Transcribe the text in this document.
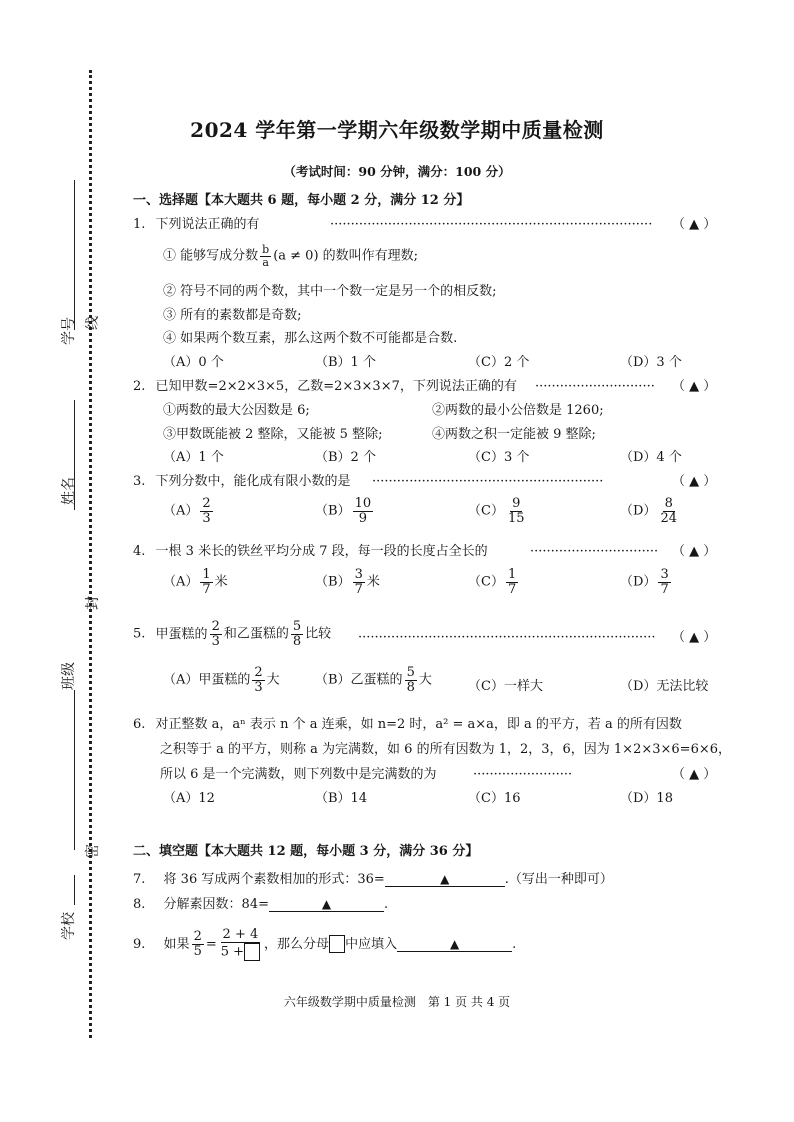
学号 线
姓名
封
班级
密
学校
2024 学年第一学期六年级数学期中质量检测
（考试时间：90 分钟，满分：100 分）
一、选择题【本大题共 6 题，每小题 2 分，满分 12 分】
1. 下列说法正确的有	··············································································	（ ▲ ）
① 能够写成分数 $\frac{b}{a} (a \ne 0)$ 的数叫作有理数;
② 符号不同的两个数，其中一个数一定是另一个的相反数;
③ 所有的素数都是奇数;
④ 如果两个数互素，那么这两个数不可能都是合数.
（A）0 个	（B）1 个	（C）2 个	（D）3 个
2. 已知甲数=2×2×3×5，乙数=2×3×3×7，下列说法正确的有 ·····························	（ ▲ ）
①两数的最大公因数是 6;	②两数的最小公倍数是 1260;
③甲数既能被 2 整除，又能被 5 整除;	④两数之积一定能被 9 整除;
（A）1 个	（B）2 个	（C）3 个	（D）4 个
3. 下列分数中，能化成有限小数的是 ························································	（ ▲ ）
$(A) \frac{2}{3}$	$(B) \frac{10}{9}$	$(C) \frac{9}{15}$	$(D) \frac{8}{24}$
4. 一根 3 米长的铁丝平均分成 7 段，每一段的长度占全长的	·······························	（ ▲ ）
$(A) \frac{1}{7}$ 米	$(B) \frac{3}{7}$ 米	$(C) \frac{1}{7}$	$(D) \frac{3}{7}$
5. 甲蛋糕的 $\frac{2}{3}$ 和乙蛋糕的 $\frac{5}{8}$ 比较 ········································································	（ ▲ ）
（A）甲蛋糕的 $\frac{2}{3}$ 大	（B）乙蛋糕的 $\frac{5}{8}$ 大	（C）一样大	（D）无法比较
6. 对正整数 a，aⁿ 表示 n 个 a 连乘，如 n=2 时，a² = a×a，即 a 的平方，若 a 的所有因数
之积等于 a 的平方，则称 a 为完满数，如 6 的所有因数为 1，2，3，6，因为 1×2×3×6=6×6，
所以 6 是一个完满数，则下列数中是完满数的为	························	（ ▲ ）
（A）12	（B）14	（C）16	（D）18
二、填空题【本大题共 12 题，每小题 3 分，满分 36 分】
7. 将 36 写成两个素数相加的形式：36=	▲	.（写出一种即可）
8. 分解素因数：84=	▲	.
9. 如果 $\frac{2}{5} = \frac{2 + 4}{5 +}$ ，那么分母 中应填入	▲	.
六年级数学期中质量检测　第 1 页 共 4 页
